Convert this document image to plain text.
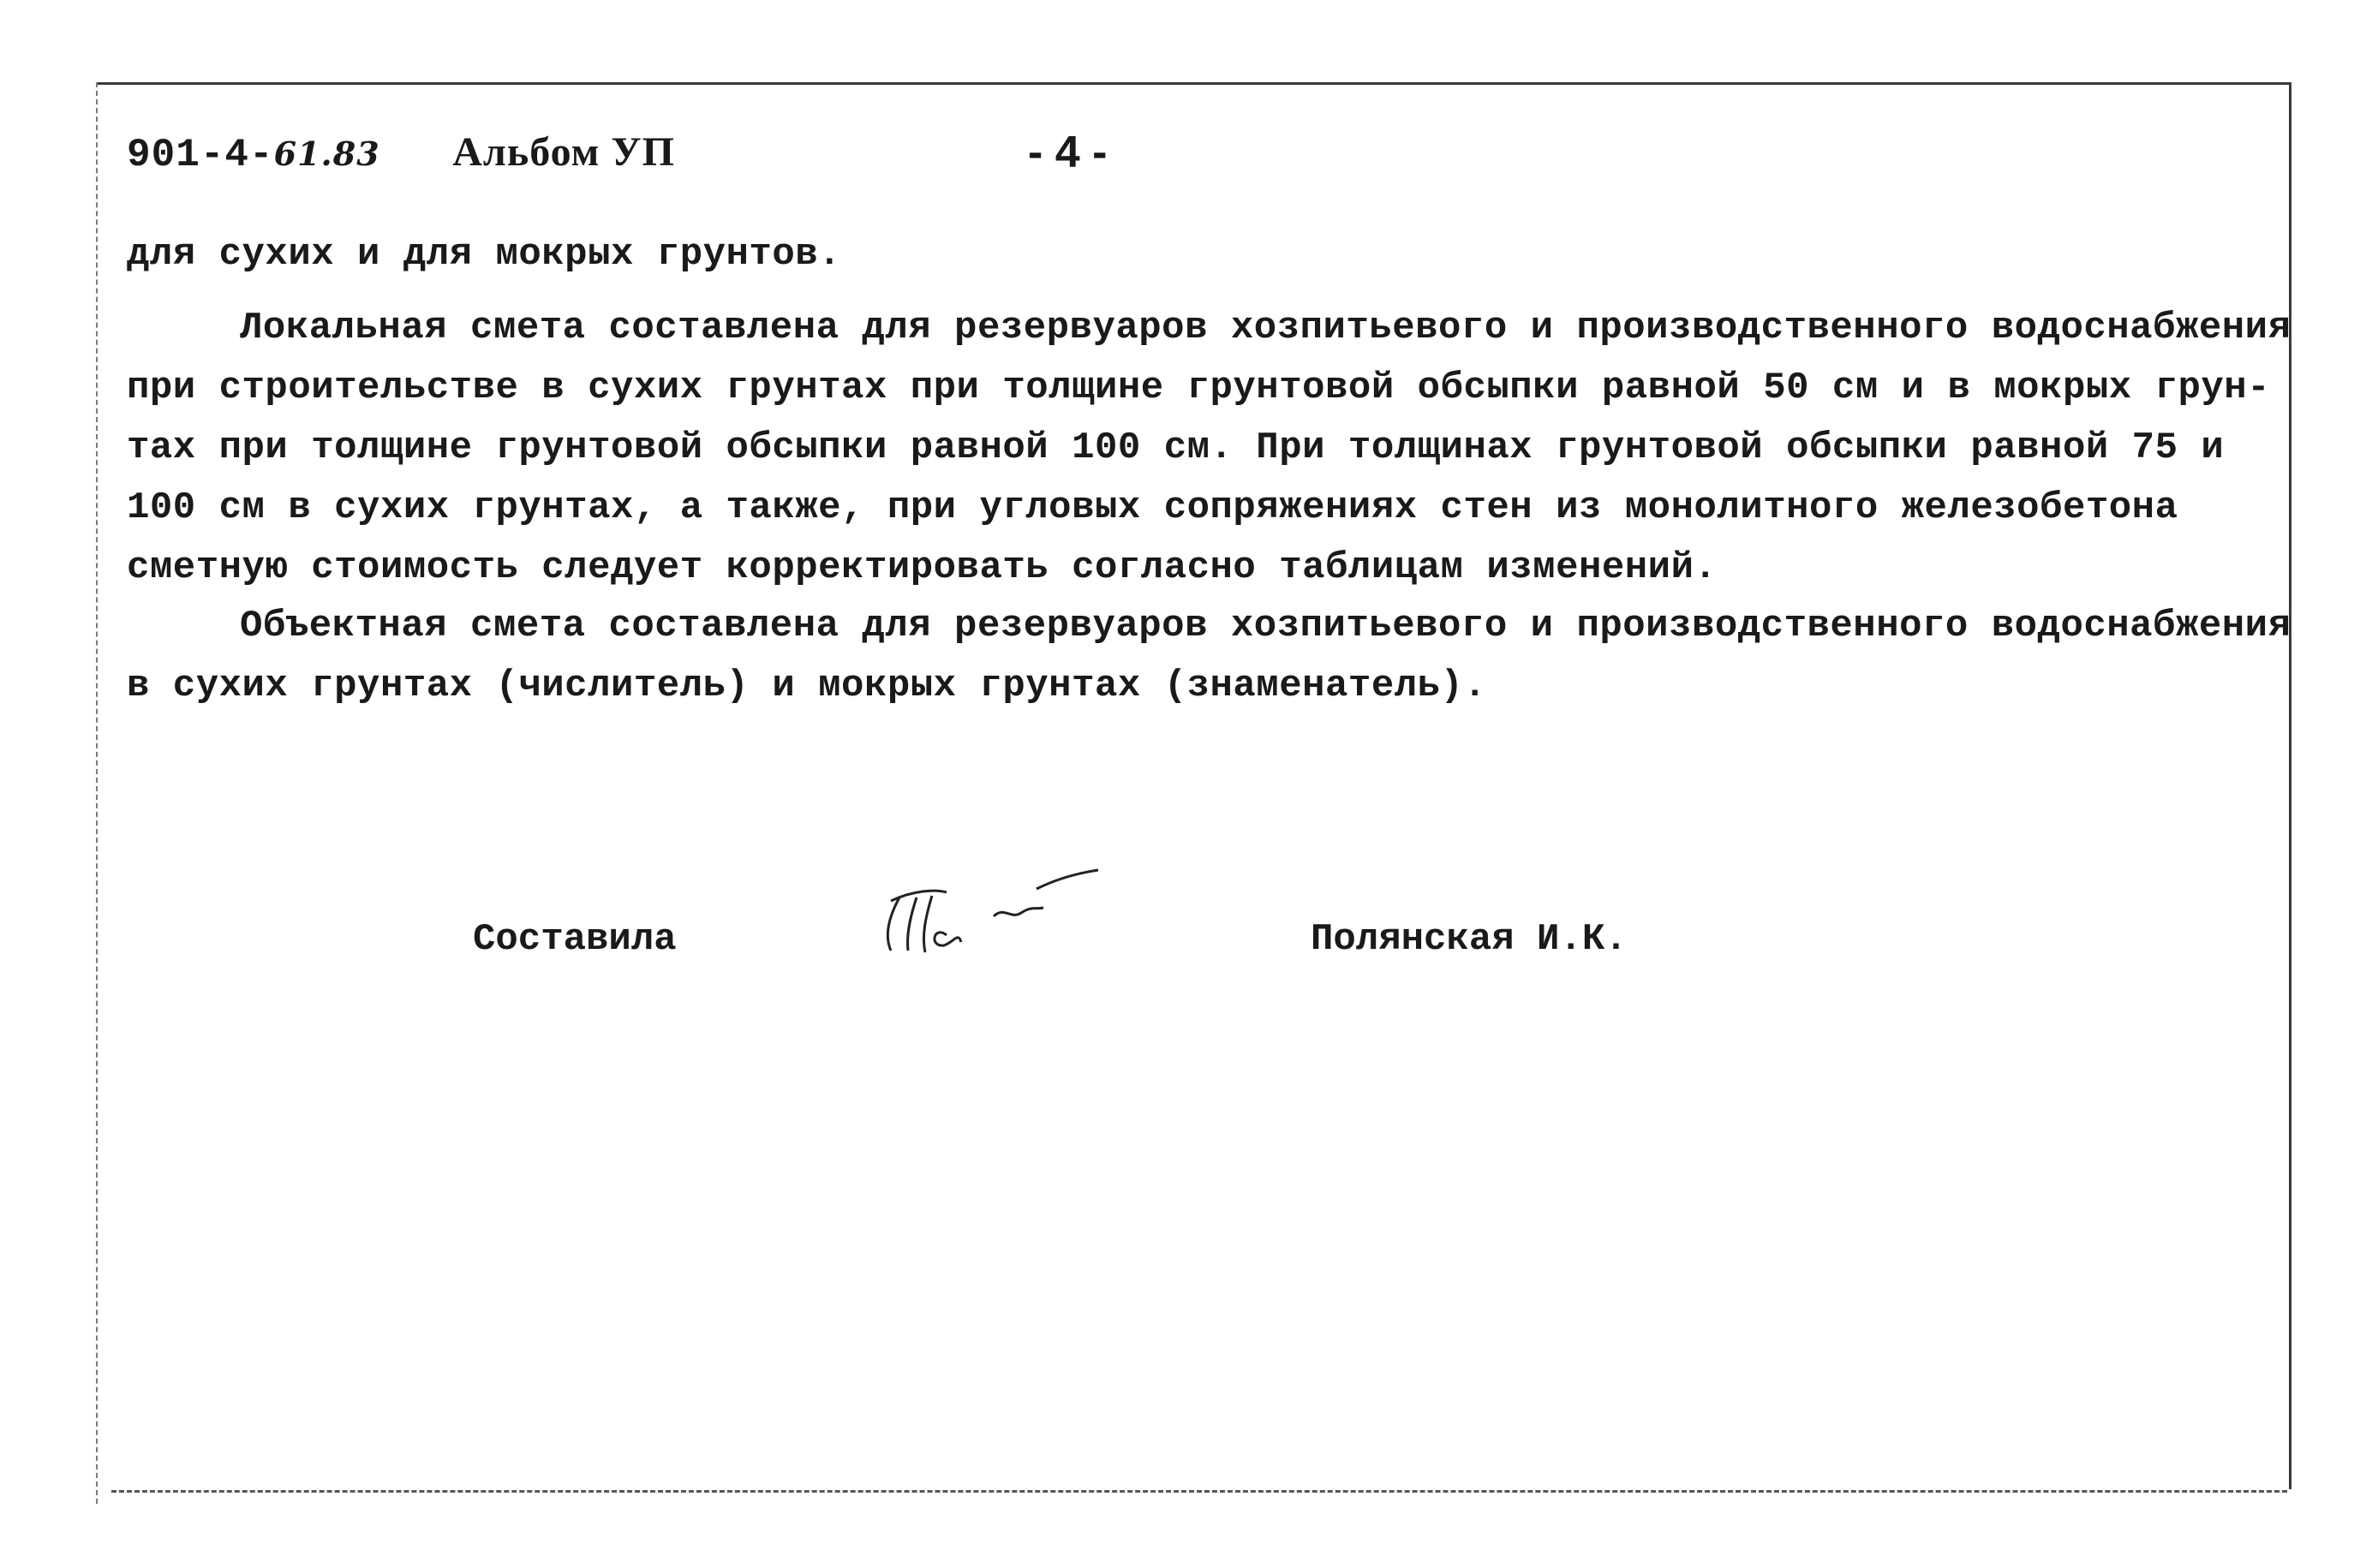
901-4-61.83 Альбом УП	- 4 -
для сухих и для мокрых грунтов.
Локальная смета составлена для резервуаров хозпитьевого и производственного водоснабжения
при строительстве в сухих грунтах при толщине грунтовой обсыпки равной 50 см и в мокрых грун-
тах при толщине грунтовой обсыпки равной 100 см. При толщинах грунтовой обсыпки равной 75 и
100 см в сухих грунтах, а также, при угловых сопряжениях стен из монолитного железобетона
сметную стоимость следует корректировать согласно таблицам изменений.
Объектная смета составлена для резервуаров хозпитьевого и производственного водоснабжения
в сухих грунтах (числитель) и мокрых грунтах (знаменатель).
Составила	Полянская И.К.
